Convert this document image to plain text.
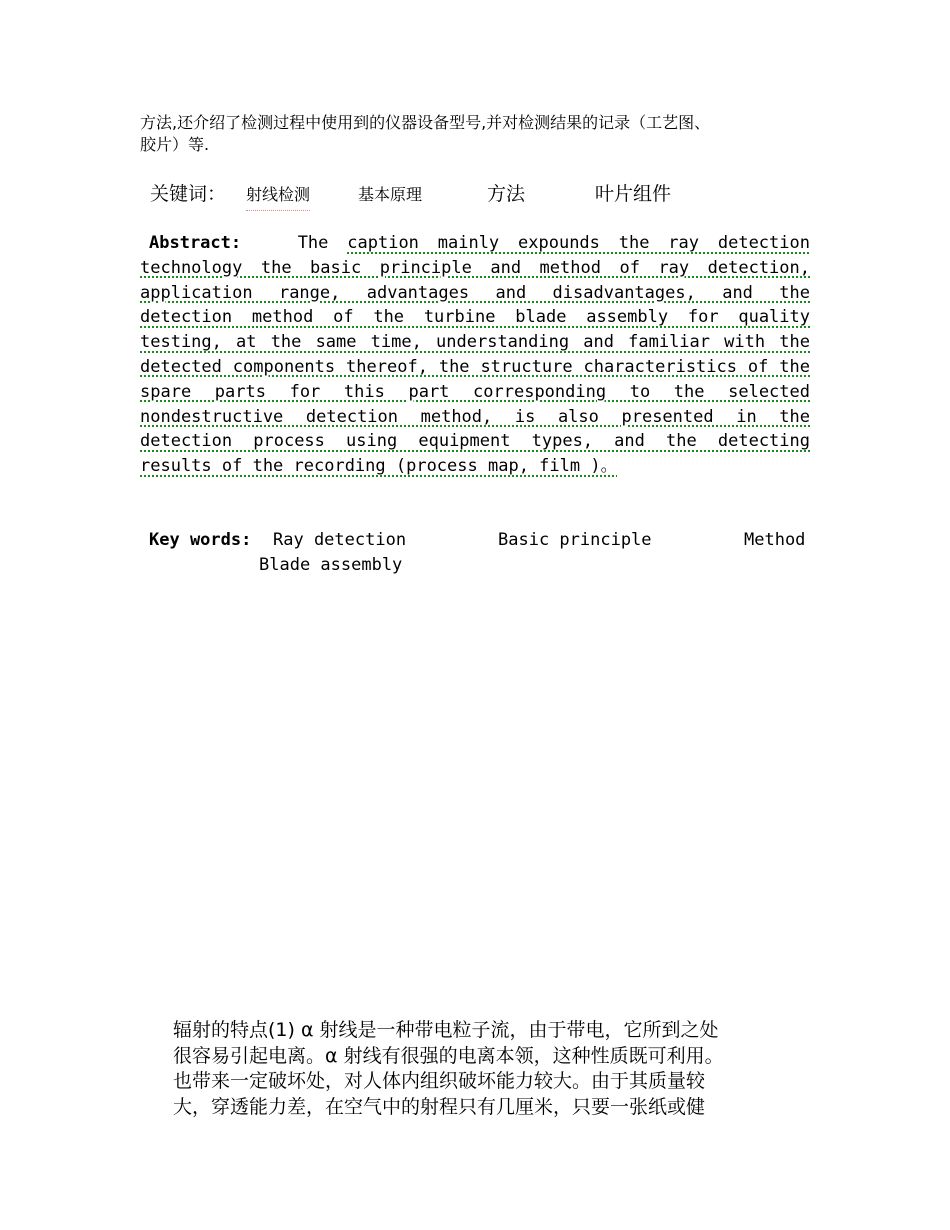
方法,还介绍了检测过程中使用到的仪器设备型号,并对检测结果的记录（工艺图、
胶片）等.
关键词： 射线检测	基本原理	方法	叶片组件
Abstract:	The caption mainly expounds the ray detection technology the basic principle and method of ray detection, application range, advantages and disadvantages, and the detection method of the turbine blade assembly for quality testing, at the same time, understanding and familiar with the detected components thereof, the structure characteristics of the spare parts for this part corresponding to the selected nondestructive detection method, is also presented in the detection process using equipment types, and the detecting results of the recording (process map, film )。
Key words: Ray detection	Basic principle	Method
Blade assembly
辐射的特点(1) α 射线是一种带电粒子流，由于带电，它所到之处
很容易引起电离。α 射线有很强的电离本领，这种性质既可利用。
也带来一定破坏处，对人体内组织破坏能力较大。由于其质量较
大，穿透能力差，在空气中的射程只有几厘米，只要一张纸或健
